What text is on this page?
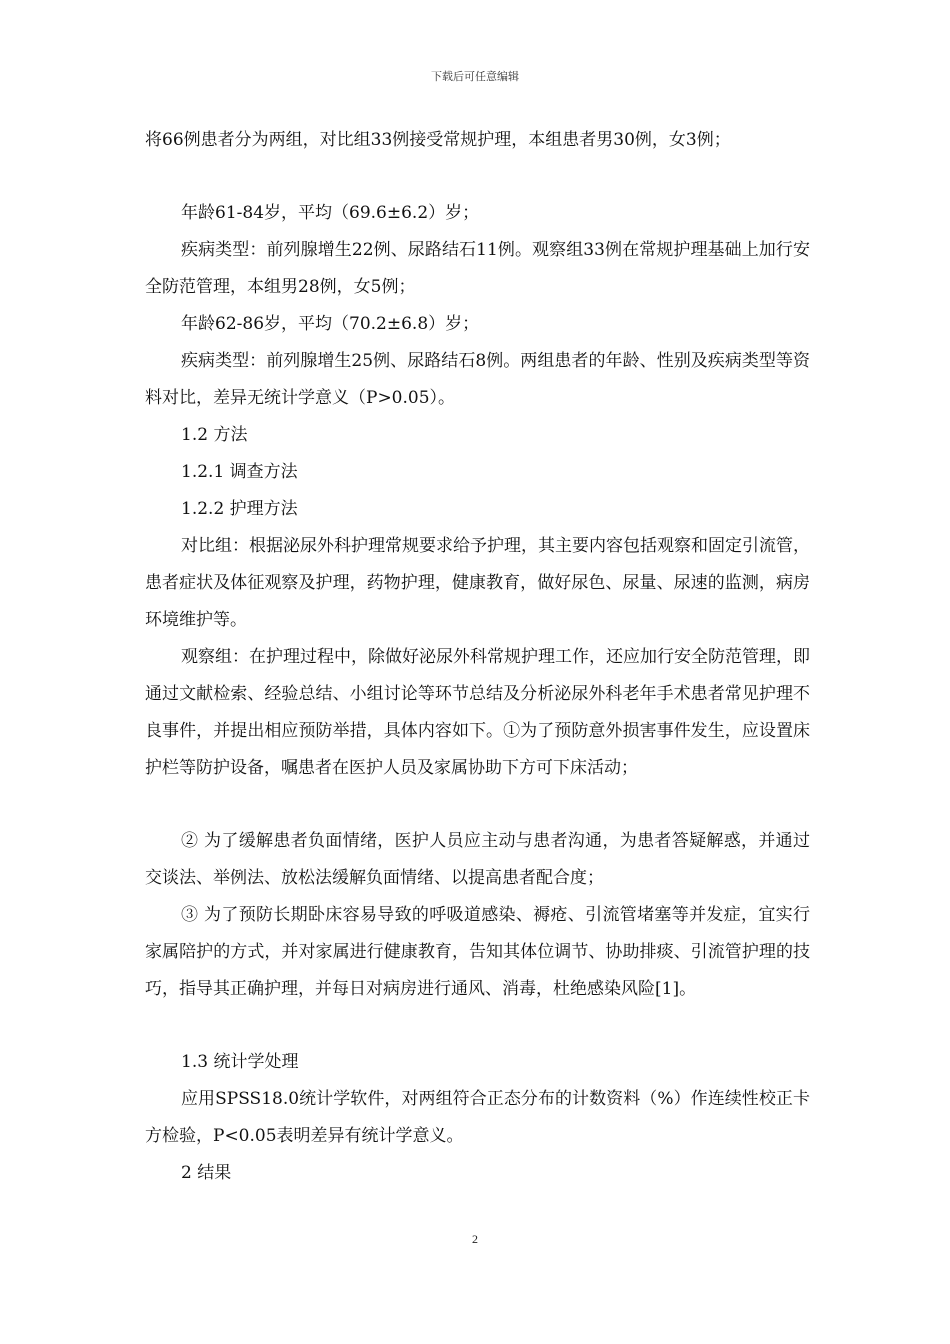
下载后可任意编辑

将66例患者分为两组，对比组33例接受常规护理，本组患者男30例，女3例；

年龄61-84岁，平均（69.6±6.2）岁；

疾病类型：前列腺增生22例、尿路结石11例。观察组33例在常规护理基础上加行安全防范管理，本组男28例，女5例；

年龄62-86岁，平均（70.2±6.8）岁；

疾病类型：前列腺增生25例、尿路结石8例。两组患者的年龄、性别及疾病类型等资料对比，差异无统计学意义（P>0.05）。

1.2 方法

1.2.1 调查方法

1.2.2 护理方法

对比组：根据泌尿外科护理常规要求给予护理，其主要内容包括观察和固定引流管，患者症状及体征观察及护理，药物护理，健康教育，做好尿色、尿量、尿速的监测，病房环境维护等。

观察组：在护理过程中，除做好泌尿外科常规护理工作，还应加行安全防范管理，即通过文献检索、经验总结、小组讨论等环节总结及分析泌尿外科老年手术患者常见护理不良事件，并提出相应预防举措，具体内容如下。①为了预防意外损害事件发生，应设置床护栏等防护设备，嘱患者在医护人员及家属协助下方可下床活动；

② 为了缓解患者负面情绪，医护人员应主动与患者沟通，为患者答疑解惑，并通过交谈法、举例法、放松法缓解负面情绪、以提高患者配合度；

③ 为了预防长期卧床容易导致的呼吸道感染、褥疮、引流管堵塞等并发症，宜实行家属陪护的方式，并对家属进行健康教育，告知其体位调节、协助排痰、引流管护理的技巧，指导其正确护理，并每日对病房进行通风、消毒，杜绝感染风险[1]。

1.3 统计学处理

应用SPSS18.0统计学软件，对两组符合正态分布的计数资料（%）作连续性校正卡方检验，P<0.05表明差异有统计学意义。

2 结果

2
